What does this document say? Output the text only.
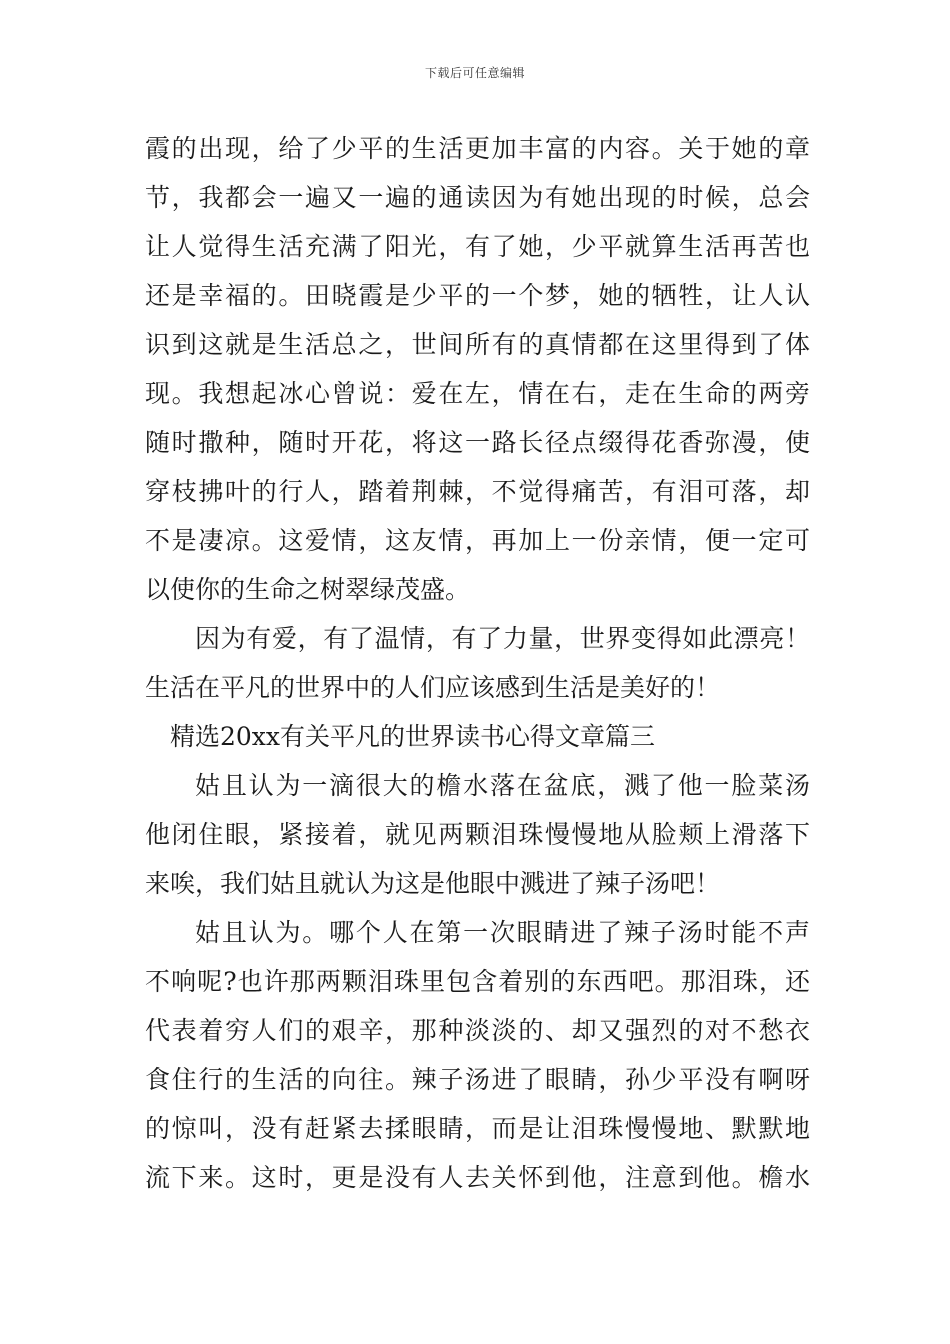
下载后可任意编辑
霞的出现，给了少平的生活更加丰富的内容。关于她的章
节，我都会一遍又一遍的通读因为有她出现的时候，总会
让人觉得生活充满了阳光，有了她，少平就算生活再苦也
还是幸福的。田晓霞是少平的一个梦，她的牺牲，让人认
识到这就是生活总之，世间所有的真情都在这里得到了体
现。我想起冰心曾说：爱在左，情在右，走在生命的两旁
随时撒种，随时开花，将这一路长径点缀得花香弥漫，使
穿枝拂叶的行人，踏着荆棘，不觉得痛苦，有泪可落，却
不是凄凉。这爱情，这友情，再加上一份亲情，便一定可
以使你的生命之树翠绿茂盛。
因为有爱，有了温情，有了力量，世界变得如此漂亮！
生活在平凡的世界中的人们应该感到生活是美好的！
精选20xx有关平凡的世界读书心得文章篇三
姑且认为一滴很大的檐水落在盆底，溅了他一脸菜汤
他闭住眼，紧接着，就见两颗泪珠慢慢地从脸颊上滑落下
来唉，我们姑且就认为这是他眼中溅进了辣子汤吧！
姑且认为。哪个人在第一次眼睛进了辣子汤时能不声
不响呢?也许那两颗泪珠里包含着别的东西吧。那泪珠，还
代表着穷人们的艰辛，那种淡淡的、却又强烈的对不愁衣
食住行的生活的向往。辣子汤进了眼睛，孙少平没有啊呀
的惊叫，没有赶紧去揉眼睛，而是让泪珠慢慢地、默默地
流下来。这时，更是没有人去关怀到他，注意到他。檐水
